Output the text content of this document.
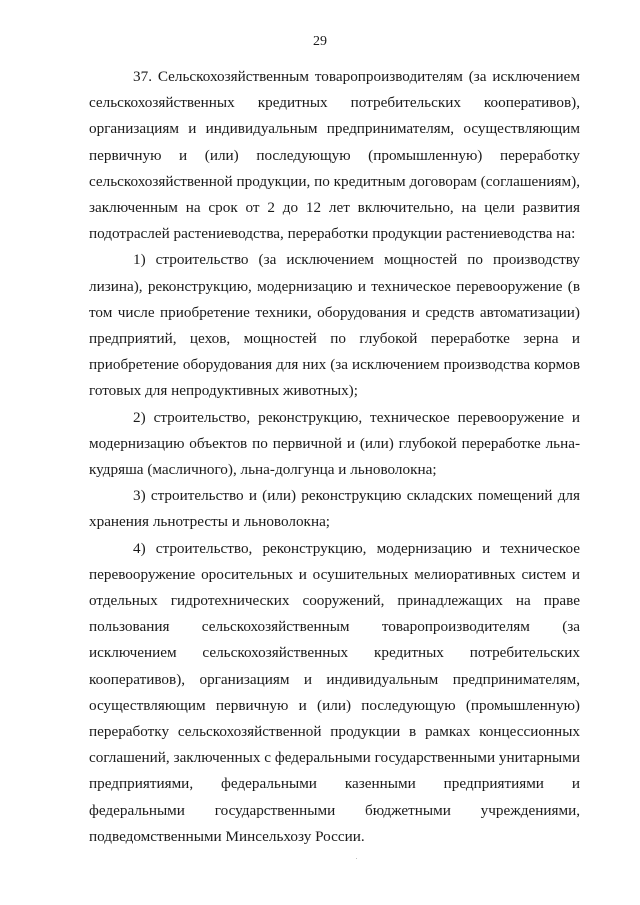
29

37. Сельскохозяйственным товаропроизводителям (за исключением сельскохозяйственных кредитных потребительских кооперативов), организациям и индивидуальным предпринимателям, осуществляющим первичную и (или) последующую (промышленную) переработку сельскохозяйственной продукции, по кредитным договорам (соглашениям), заключенным на срок от 2 до 12 лет включительно, на цели развития подотраслей растениеводства, переработки продукции растениеводства на:

1) строительство (за исключением мощностей по производству лизина), реконструкцию, модернизацию и техническое перевооружение (в том числе приобретение техники, оборудования и средств автоматизации) предприятий, цехов, мощностей по глубокой переработке зерна и приобретение оборудования для них (за исключением производства кормов готовых для непродуктивных животных);

2) строительство, реконструкцию, техническое перевооружение и модернизацию объектов по первичной и (или) глубокой переработке льна-кудряша (масличного), льна-долгунца и льноволокна;

3) строительство и (или) реконструкцию складских помещений для хранения льнотресты и льноволокна;

4) строительство, реконструкцию, модернизацию и техническое перевооружение оросительных и осушительных мелиоративных систем и отдельных гидротехнических сооружений, принадлежащих на праве пользования сельскохозяйственным товаропроизводителям (за исключением сельскохозяйственных кредитных потребительских кооперативов), организациям и индивидуальным предпринимателям, осуществляющим первичную и (или) последующую (промышленную) переработку сельскохозяйственной продукции в рамках концессионных соглашений, заключенных с федеральными государственными унитарными предприятиями, федеральными казенными предприятиями и федеральными государственными бюджетными учреждениями, подведомственными Минсельхозу России.
